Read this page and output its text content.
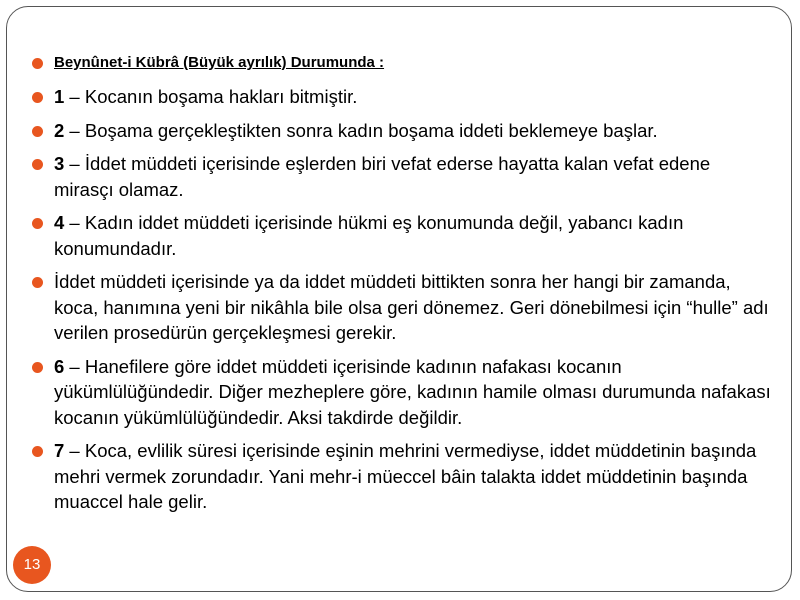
Beynûnet-i Kübrâ (Büyük ayrılık) Durumunda :
1 – Kocanın boşama hakları bitmiştir.
2 – Boşama gerçekleştikten sonra kadın boşama iddeti beklemeye başlar.
3 – İddet müddeti içerisinde eşlerden biri vefat ederse hayatta kalan vefat edene mirasçı olamaz.
4 – Kadın iddet müddeti içerisinde hükmi eş konumunda değil, yabancı kadın konumundadır.
İddet müddeti içerisinde ya da iddet müddeti bittikten sonra her hangi bir zamanda, koca, hanımına yeni bir nikâhla bile olsa geri dönemez. Geri dönebilmesi için “hulle” adı verilen prosedürün gerçekleşmesi gerekir.
6 – Hanefilere göre iddet müddeti içerisinde kadının nafakası kocanın yükümlülüğündedir. Diğer mezheplere göre, kadının hamile olması durumunda nafakası kocanın yükümlülüğündedir. Aksi takdirde değildir.
7 – Koca, evlilik süresi içerisinde eşinin mehrini vermediyse, iddet müddetinin başında mehri vermek zorundadır. Yani mehr-i müeccel bâin talakta iddet müddetinin başında muaccel hale gelir.
13
